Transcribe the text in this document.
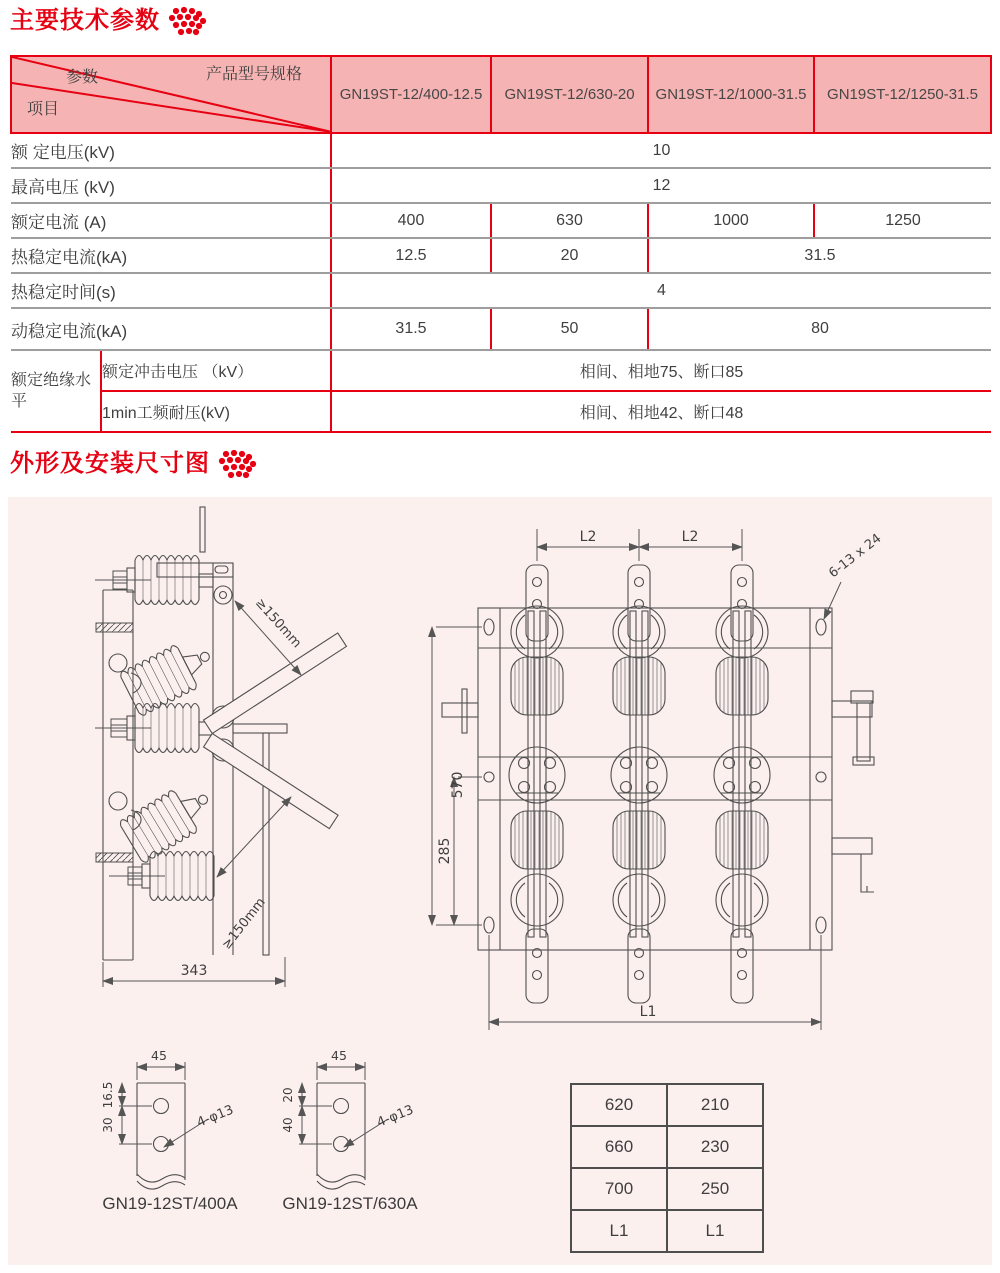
主要技术参数
参数 产品型号规格
项目		GN19ST-12/400-12.5	GN19ST-12/630-20	GN19ST-12/1000-31.5	GN19ST-12/1250-31.5
额 定电压(kV)		10			
最高电压 (kV)		12			
额定电流 (A)		400	630	1000	1250
热稳定电流(kA)		12.5	20	31.5	
热稳定时间(s)		4			
动稳定电流(kA)		31.5	50	80	
额定绝缘水平	额定冲击电压 （kV）	相间、相地75、断口85			
	1min工频耐压(kV)	相间、相地42、断口48			
外形及安装尺寸图
≥150mm
≥150mm
343
L2	L2	6-13 x 24
570
285
L1
45
16.5
30	4-φ13
GN19-12ST/400A
45
20
40	4-φ13
GN19-12ST/630A
620	210
660	230
700	250
L1	L1
